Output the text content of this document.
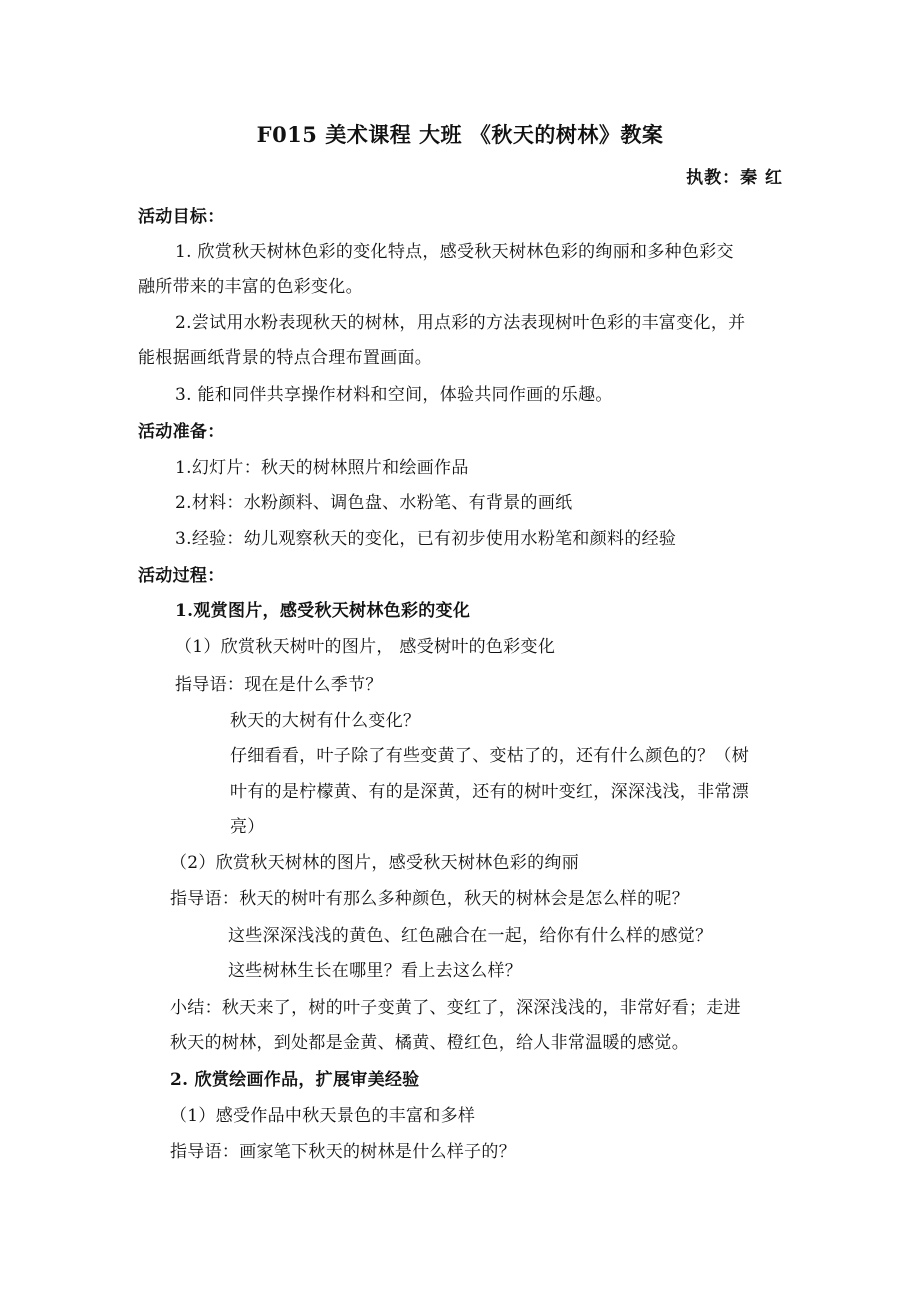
F015 美术课程 大班 《秋天的树林》教案
执教：秦 红
活动目标：
1. 欣赏秋天树林色彩的变化特点，感受秋天树林色彩的绚丽和多种色彩交
融所带来的丰富的色彩变化。
2.尝试用水粉表现秋天的树林，用点彩的方法表现树叶色彩的丰富变化，并
能根据画纸背景的特点合理布置画面。
3. 能和同伴共享操作材料和空间，体验共同作画的乐趣。
活动准备：
1.幻灯片：秋天的树林照片和绘画作品
2.材料：水粉颜料、调色盘、水粉笔、有背景的画纸
3.经验：幼儿观察秋天的变化，已有初步使用水粉笔和颜料的经验
活动过程：
1.观赏图片，感受秋天树林色彩的变化
（1）欣赏秋天树叶的图片， 感受树叶的色彩变化
指导语：现在是什么季节？
秋天的大树有什么变化？
仔细看看，叶子除了有些变黄了、变枯了的，还有什么颜色的？（树
叶有的是柠檬黄、有的是深黄，还有的树叶变红，深深浅浅，非常漂
亮）
（2）欣赏秋天树林的图片，感受秋天树林色彩的绚丽
指导语：秋天的树叶有那么多种颜色，秋天的树林会是怎么样的呢？
这些深深浅浅的黄色、红色融合在一起，给你有什么样的感觉？
这些树林生长在哪里？看上去这么样？
小结：秋天来了，树的叶子变黄了、变红了，深深浅浅的，非常好看；走进
秋天的树林，到处都是金黄、橘黄、橙红色，给人非常温暖的感觉。
2. 欣赏绘画作品，扩展审美经验
（1）感受作品中秋天景色的丰富和多样
指导语：画家笔下秋天的树林是什么样子的？
